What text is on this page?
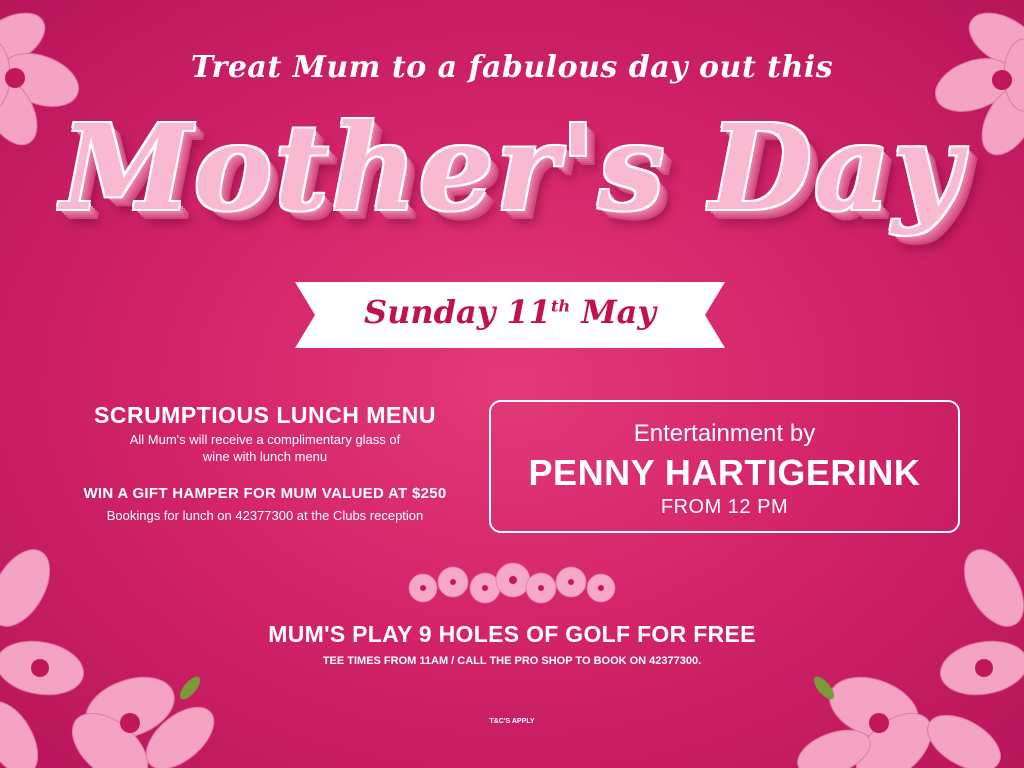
Treat Mum to a fabulous day out this
Mother's Day
Sunday 11th May
SCRUMPTIOUS LUNCH MENU
All Mum's will receive a complimentary glass of wine with lunch menu
WIN A GIFT HAMPER FOR MUM VALUED AT $250
Bookings for lunch on 42377300 at the Clubs reception
Entertainment by
PENNY HARTIGERINK
FROM 12 PM
MUM'S PLAY 9 HOLES OF GOLF FOR FREE
TEE TIMES FROM 11AM / CALL THE PRO SHOP TO BOOK ON 42377300.
T&C'S APPLY
